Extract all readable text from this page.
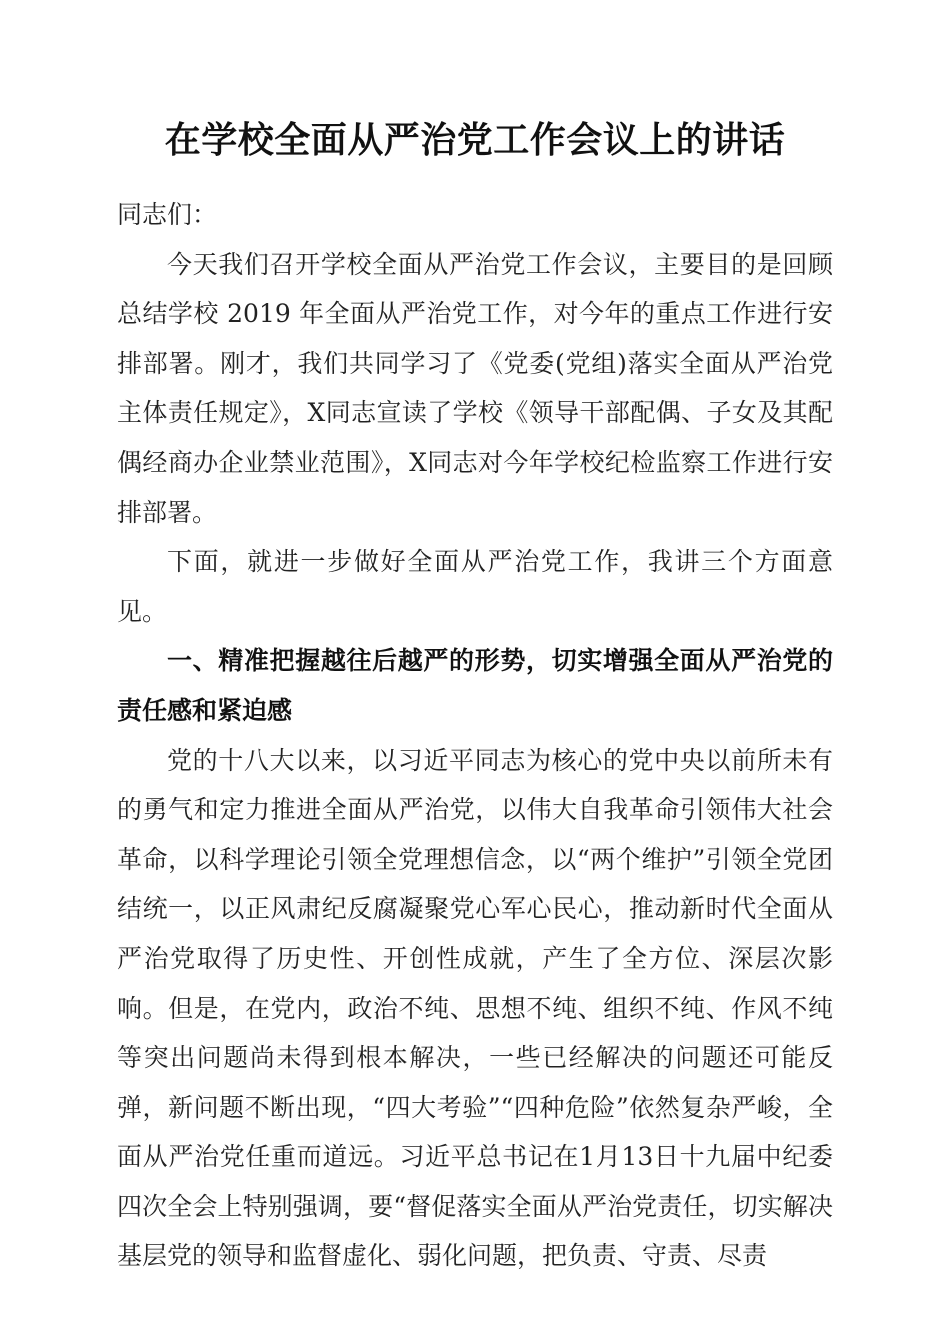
在学校全面从严治党工作会议上的讲话

同志们：

今天我们召开学校全面从严治党工作会议，主要目的是回顾总结学校 2019 年全面从严治党工作，对今年的重点工作进行安排部署。刚才，我们共同学习了《党委(党组)落实全面从严治党主体责任规定》，X同志宣读了学校《领导干部配偶、子女及其配偶经商办企业禁业范围》，X同志对今年学校纪检监察工作进行安排部署。

下面，就进一步做好全面从严治党工作，我讲三个方面意见。

一、精准把握越往后越严的形势，切实增强全面从严治党的责任感和紧迫感

党的十八大以来，以习近平同志为核心的党中央以前所未有的勇气和定力推进全面从严治党，以伟大自我革命引领伟大社会革命，以科学理论引领全党理想信念，以“两个维护”引领全党团结统一，以正风肃纪反腐凝聚党心军心民心，推动新时代全面从严治党取得了历史性、开创性成就，产生了全方位、深层次影响。但是，在党内，政治不纯、思想不纯、组织不纯、作风不纯等突出问题尚未得到根本解决，一些已经解决的问题还可能反弹，新问题不断出现，“四大考验”“四种危险”依然复杂严峻，全面从严治党任重而道远。习近平总书记在1月13日十九届中纪委四次全会上特别强调，要“督促落实全面从严治党责任，切实解决基层党的领导和监督虚化、弱化问题，把负责、守责、尽责
